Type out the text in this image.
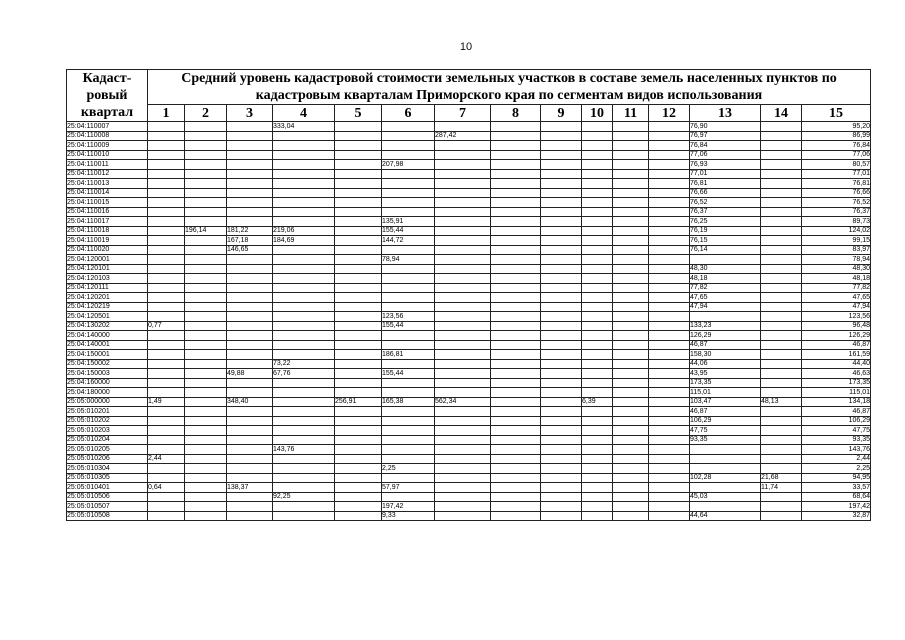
10
Кадаст-
ровый
квартал	Средний уровень кадастровой стоимости земельных участков в составе земель населенных пунктов по
кадастровым кварталам Приморского края по сегментам видов использования														

	1	2	3	4	5	6	7	8	9	10	11	12	13	14	15
25:04:110007				333,04									76,90		95,20
25:04:110008							287,42						76,97		86,99
25:04:110009													76,84		76,84
25:04:110010													77,06		77,06
25:04:110011						207,98							76,93		80,57
25:04:110012													77,01		77,01
25:04:110013													76,81		76,81
25:04:110014													76,66		76,66
25:04:110015													76,52		76,52
25:04:110016													76,37		76,37
25:04:110017						135,91							76,25		89,73
25:04:110018		196,14	181,22	219,06		155,44							76,19		124,02
25:04:110019			167,18	184,69		144,72							76,15		99,15
25:04:110020			146,65										76,14		83,97
25:04:120001						78,94									78,94
25:04:120101													48,30		48,30
25:04:120103													48,18		48,18
25:04:120111													77,82		77,82
25:04:120201													47,65		47,65
25:04:120219													47,94		47,94
25:04:120501						123,56									123,56
25:04:130202	0,77					155,44							133,23		96,48
25:04:140000													126,29		126,29
25:04:140001													46,87		46,87
25:04:150001						186,81							158,30		161,59
25:04:150002				73,22									44,06		44,40
25:04:150003			49,88	67,76		155,44							43,95		46,63
25:04:160000													173,35		173,35
25:04:180000													115,01		115,01
25:05:000000	1,49		348,40		256,91	165,38	562,34			6,39			103,47	48,13	134,18
25:05:010201													46,87		46,87
25:05:010202													106,29		106,29
25:05:010203													47,75		47,75
25:05:010204													93,35		93,35
25:05:010205				143,76											143,76
25:05:010206	2,44														2,44
25:05:010304						2,25									2,25
25:05:010305													102,28	21,68	94,95
25:05:010401	0,64		138,37			57,97								11,74	33,57
25:05:010506				92,25									45,03		68,64
25:05:010507						197,42									197,42
25:05:010508						9,33							44,64		32,87
